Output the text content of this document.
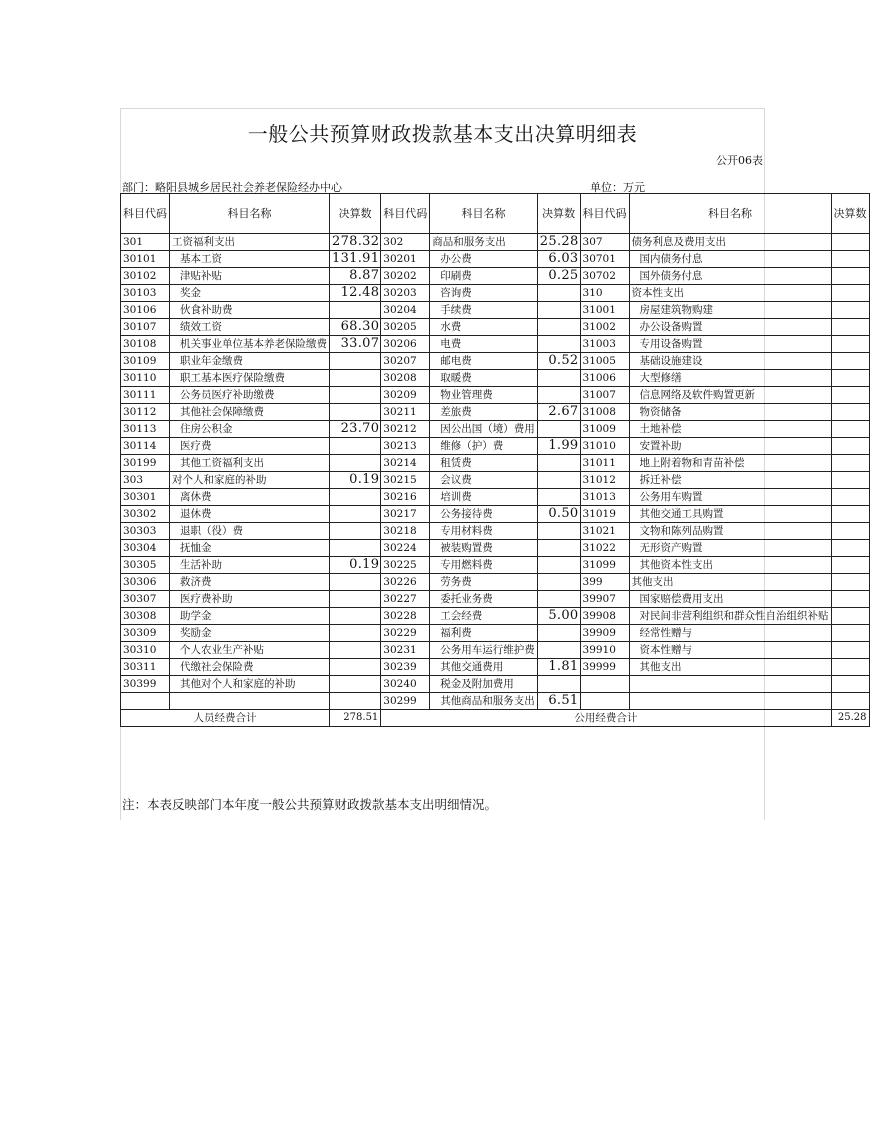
一般公共预算财政拨款基本支出决算明细表
公开06表
部门：略阳县城乡居民社会养老保险经办中心	单位：万元
科目代码	科目名称	决算数	科目代码	科目名称	决算数	科目代码	科目名称	决算数
301	工资福利支出	278.32	302	商品和服务支出	25.28	307	债务利息及费用支出	
30101	基本工资	131.91	30201	办公费	6.03	30701	国内债务付息	
30102	津贴补贴	8.87	30202	印刷费	0.25	30702	国外债务付息	
30103	奖金	12.48	30203	咨询费		310	资本性支出	
30106	伙食补助费		30204	手续费		31001	房屋建筑物购建	
30107	绩效工资	68.30	30205	水费		31002	办公设备购置	
30108	机关事业单位基本养老保险缴费	33.07	30206	电费		31003	专用设备购置	
30109	职业年金缴费		30207	邮电费	0.52	31005	基础设施建设	
30110	职工基本医疗保险缴费		30208	取暖费		31006	大型修缮	
30111	公务员医疗补助缴费		30209	物业管理费		31007	信息网络及软件购置更新	
30112	其他社会保障缴费		30211	差旅费	2.67	31008	物资储备	
30113	住房公积金	23.70	30212	因公出国（境）费用		31009	土地补偿	
30114	医疗费		30213	维修（护）费	1.99	31010	安置补助	
30199	其他工资福利支出		30214	租赁费		31011	地上附着物和青苗补偿	
303	对个人和家庭的补助	0.19	30215	会议费		31012	拆迁补偿	
30301	离休费		30216	培训费		31013	公务用车购置	
30302	退休费		30217	公务接待费	0.50	31019	其他交通工具购置	
30303	退职（役）费		30218	专用材料费		31021	文物和陈列品购置	
30304	抚恤金		30224	被装购置费		31022	无形资产购置	
30305	生活补助	0.19	30225	专用燃料费		31099	其他资本性支出	
30306	救济费		30226	劳务费		399	其他支出	
30307	医疗费补助		30227	委托业务费		39907	国家赔偿费用支出	
30308	助学金		30228	工会经费	5.00	39908	对民间非营利组织和群众性自治组织补贴	
30309	奖励金		30229	福利费		39909	经常性赠与	
30310	个人农业生产补贴		30231	公务用车运行维护费		39910	资本性赠与	
30311	代缴社会保险费		30239	其他交通费用	1.81	39999	其他支出	
30399	其他对个人和家庭的补助		30240	税金及附加费用				
			30299	其他商品和服务支出	6.51			
人员经费合计		278.51	公用经费合计					25.28
注：本表反映部门本年度一般公共预算财政拨款基本支出明细情况。
